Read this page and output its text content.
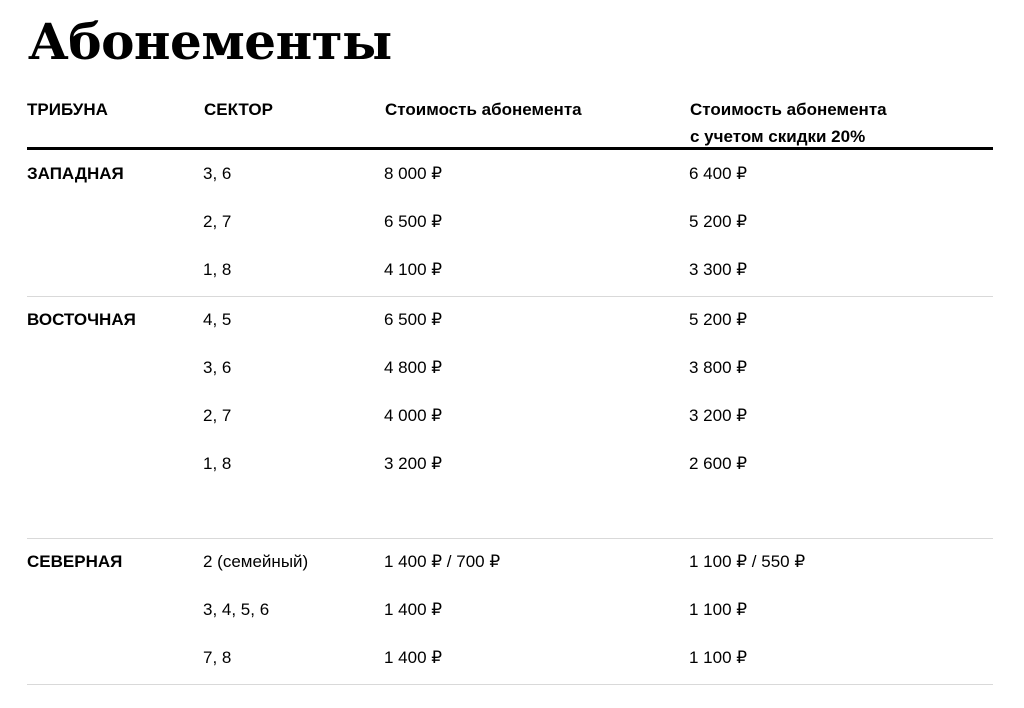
Абонементы
ТРИБУНА	СЕКТОР	Стоимость абонемента	Стоимость абонемента
с учетом скидки 20%
ЗАПАДНАЯ	3, 6	8 000 ₽	6 400 ₽
2, 7	6 500 ₽	5 200 ₽
1, 8	4 100 ₽	3 300 ₽
ВОСТОЧНАЯ	4, 5	6 500 ₽	5 200 ₽
3, 6	4 800 ₽	3 800 ₽
2, 7	4 000 ₽	3 200 ₽
1, 8	3 200 ₽	2 600 ₽
СЕВЕРНАЯ	2 (семейный)	1 400 ₽ / 700 ₽	1 100 ₽ / 550 ₽
3, 4, 5, 6	1 400 ₽	1 100 ₽
7, 8	1 400 ₽	1 100 ₽
